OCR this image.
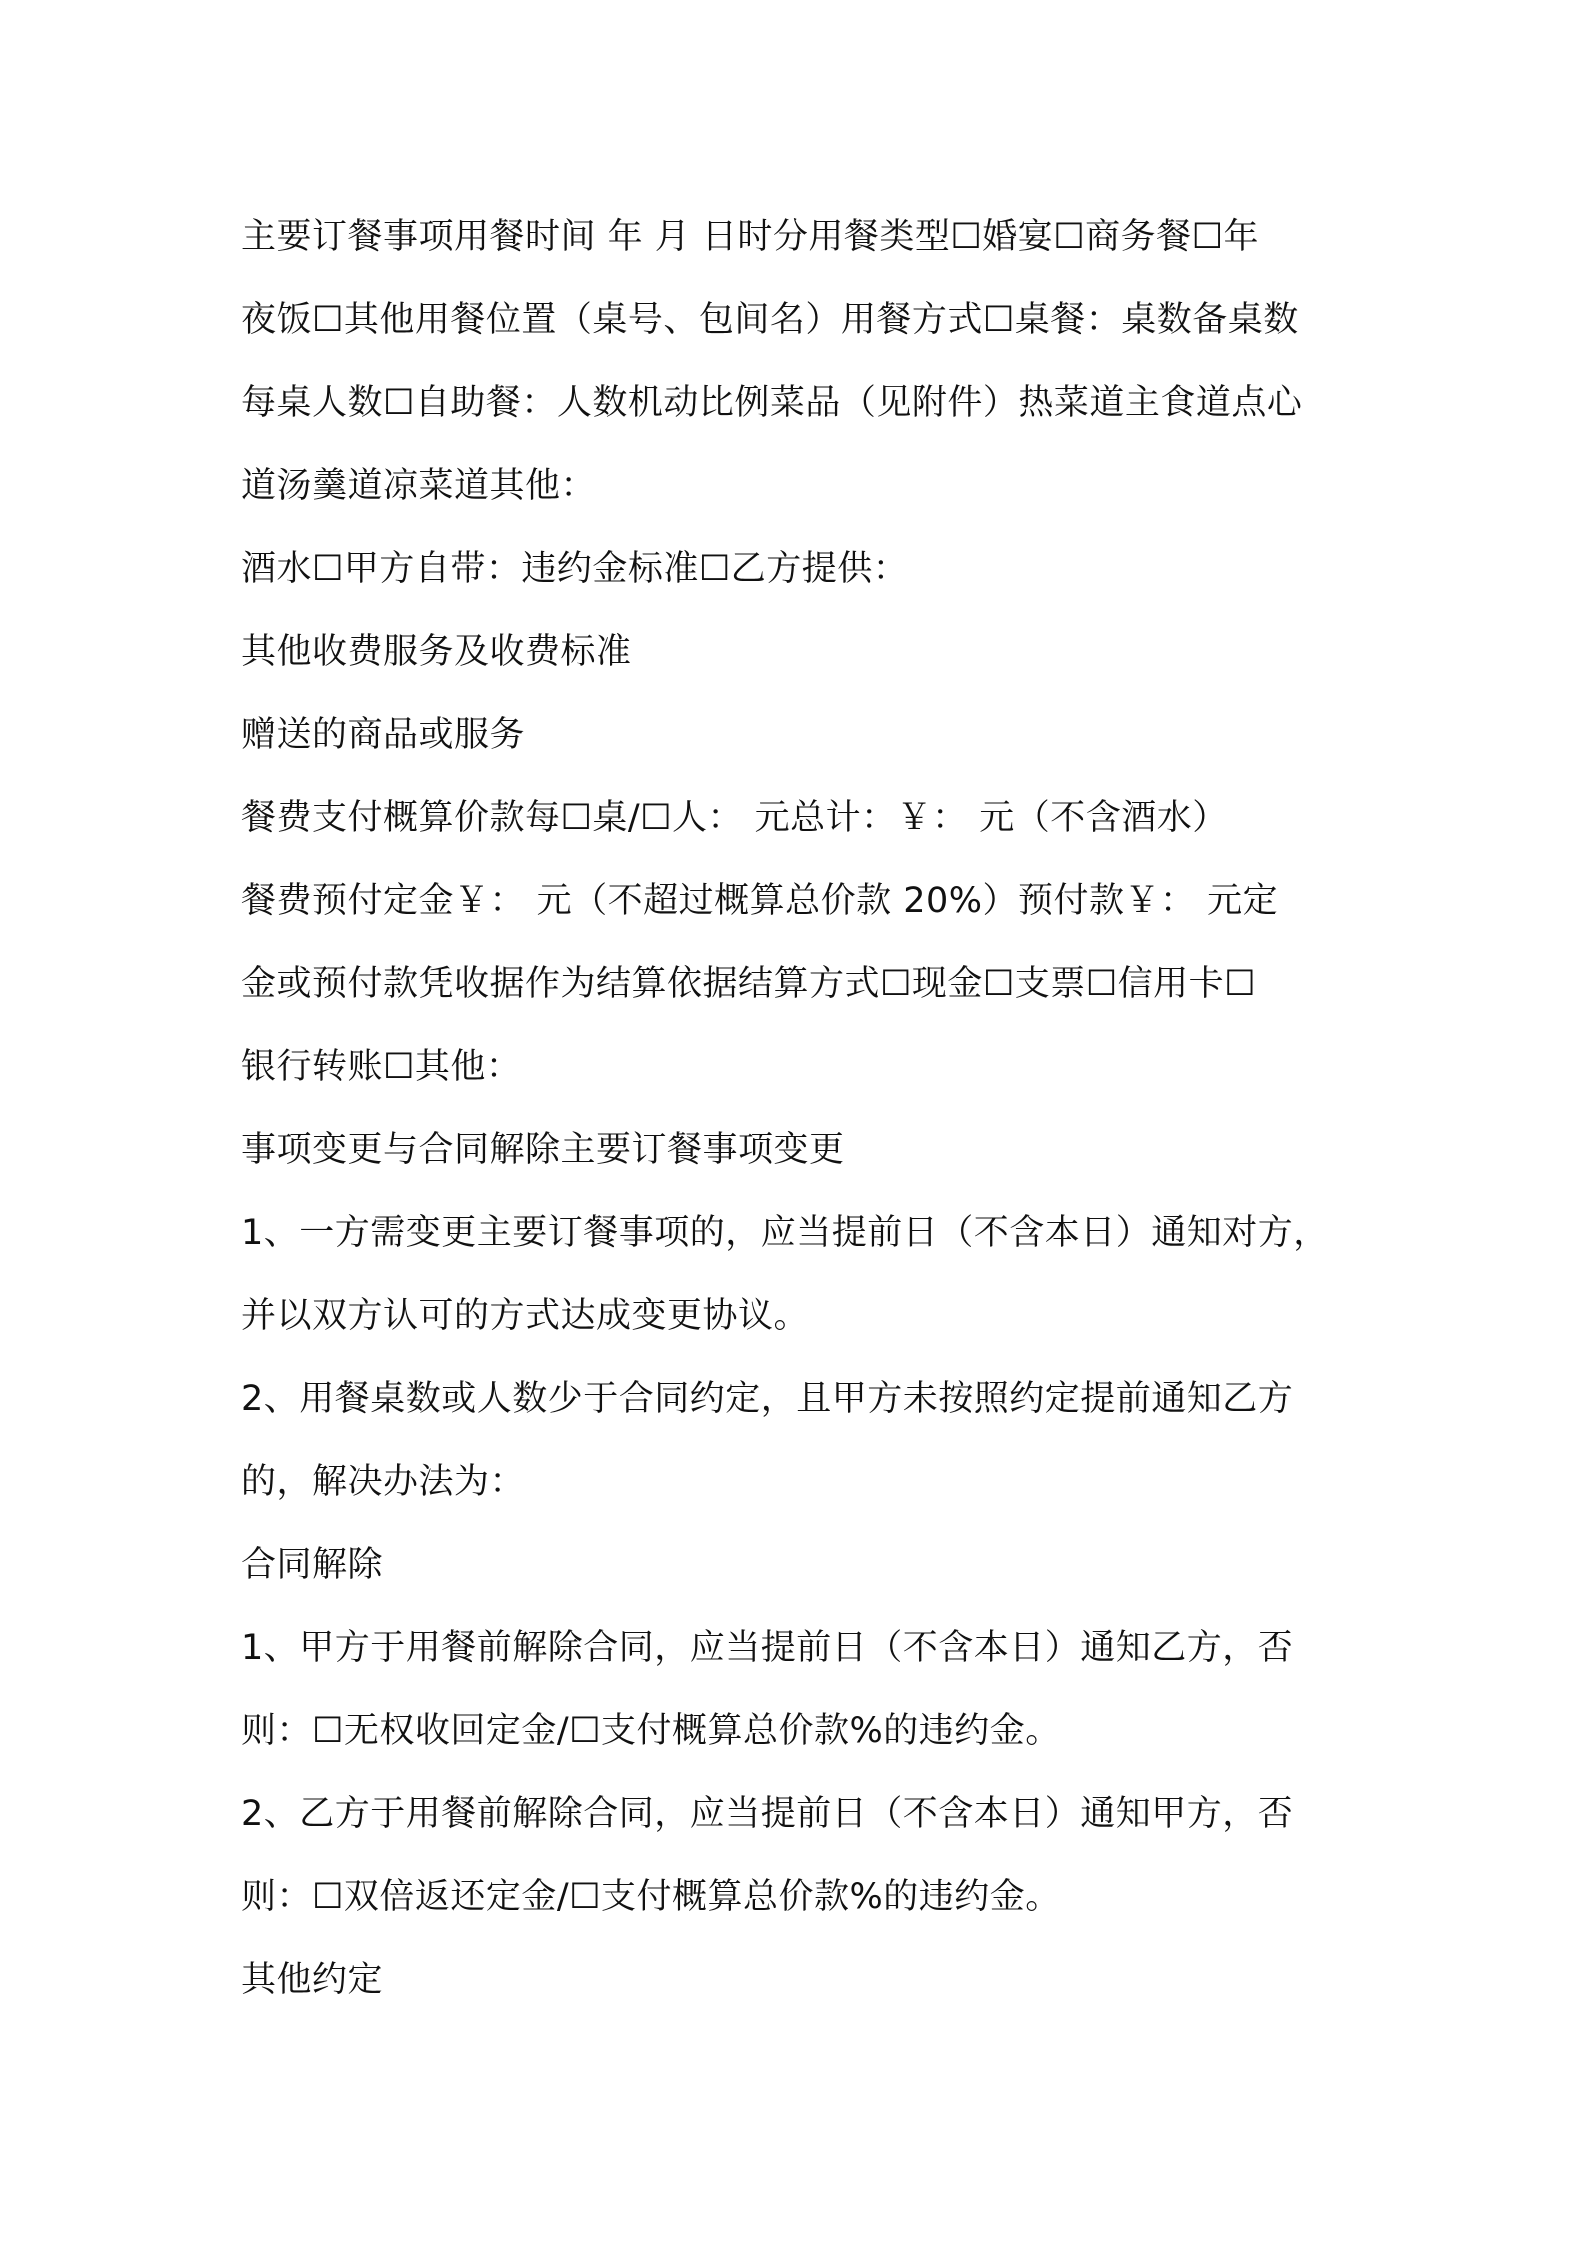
主要订餐事项用餐时间 年 月 日时分用餐类型☐婚宴☐商务餐☐年
夜饭☐其他用餐位置（桌号、包间名）用餐方式☐桌餐：桌数备桌数
每桌人数☐自助餐：人数机动比例菜品（见附件）热菜道主食道点心
道汤羹道凉菜道其他：
酒水☐甲方自带：违约金标准☐乙方提供：
其他收费服务及收费标准
赠送的商品或服务
餐费支付概算价款每☐桌/☐人： 元总计：￥： 元（不含酒水）
餐费预付定金￥： 元（不超过概算总价款 20%）预付款￥： 元定
金或预付款凭收据作为结算依据结算方式☐现金☐支票☐信用卡☐
银行转账☐其他：
事项变更与合同解除主要订餐事项变更
1、一方需变更主要订餐事项的，应当提前日（不含本日）通知对方，
并以双方认可的方式达成变更协议。
2、用餐桌数或人数少于合同约定，且甲方未按照约定提前通知乙方
的，解决办法为：
合同解除
1、甲方于用餐前解除合同，应当提前日（不含本日）通知乙方，否
则：☐无权收回定金/☐支付概算总价款%的违约金。
2、乙方于用餐前解除合同，应当提前日（不含本日）通知甲方，否
则：☐双倍返还定金/☐支付概算总价款%的违约金。
其他约定
